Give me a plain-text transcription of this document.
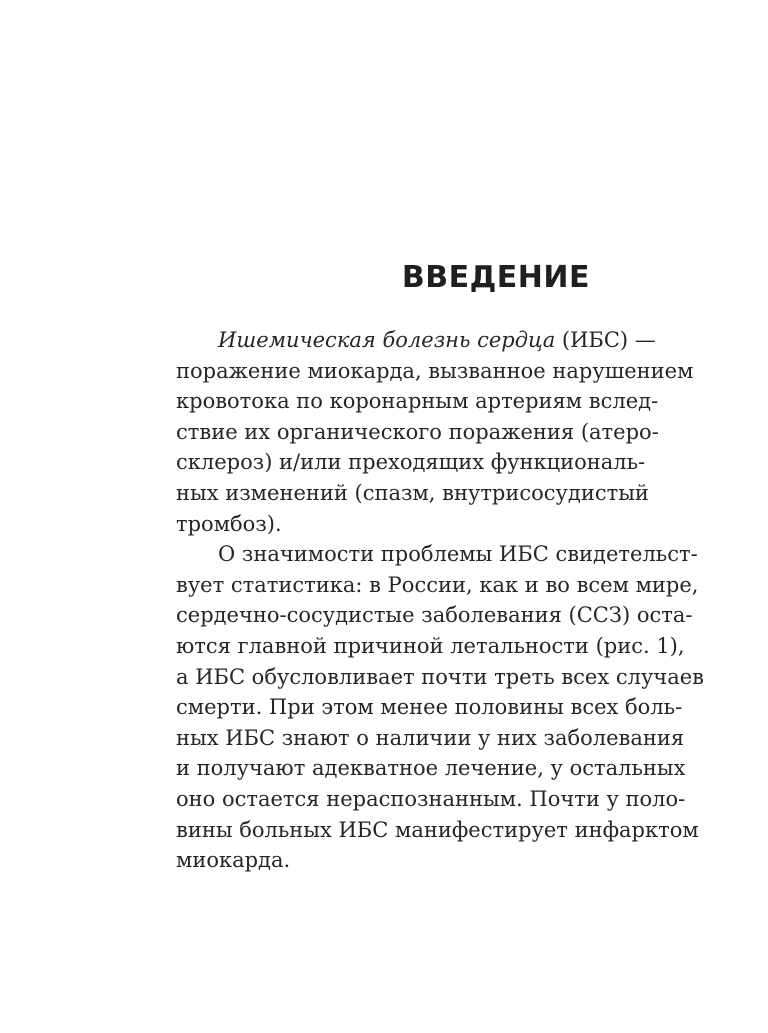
ВВЕДЕНИЕ
Ишемическая болезнь сердца (ИБС) —
поражение миокарда, вызванное нарушением
кровотока по коронарным артериям вслед-
ствие их органического поражения (атеро-
склероз) и/или преходящих функциональ-
ных изменений (спазм, внутрисосудистый
тромбоз).
О значимости проблемы ИБС свидетельст-
вует статистика: в России, как и во всем мире,
сердечно-сосудистые заболевания (ССЗ) оста-
ются главной причиной летальности (рис. 1),
а ИБС обусловливает почти треть всех случаев
смерти. При этом менее половины всех боль-
ных ИБС знают о наличии у них заболевания
и получают адекватное лечение, у остальных
оно остается нераспознанным. Почти у поло-
вины больных ИБС манифестирует инфарктом
миокарда.
